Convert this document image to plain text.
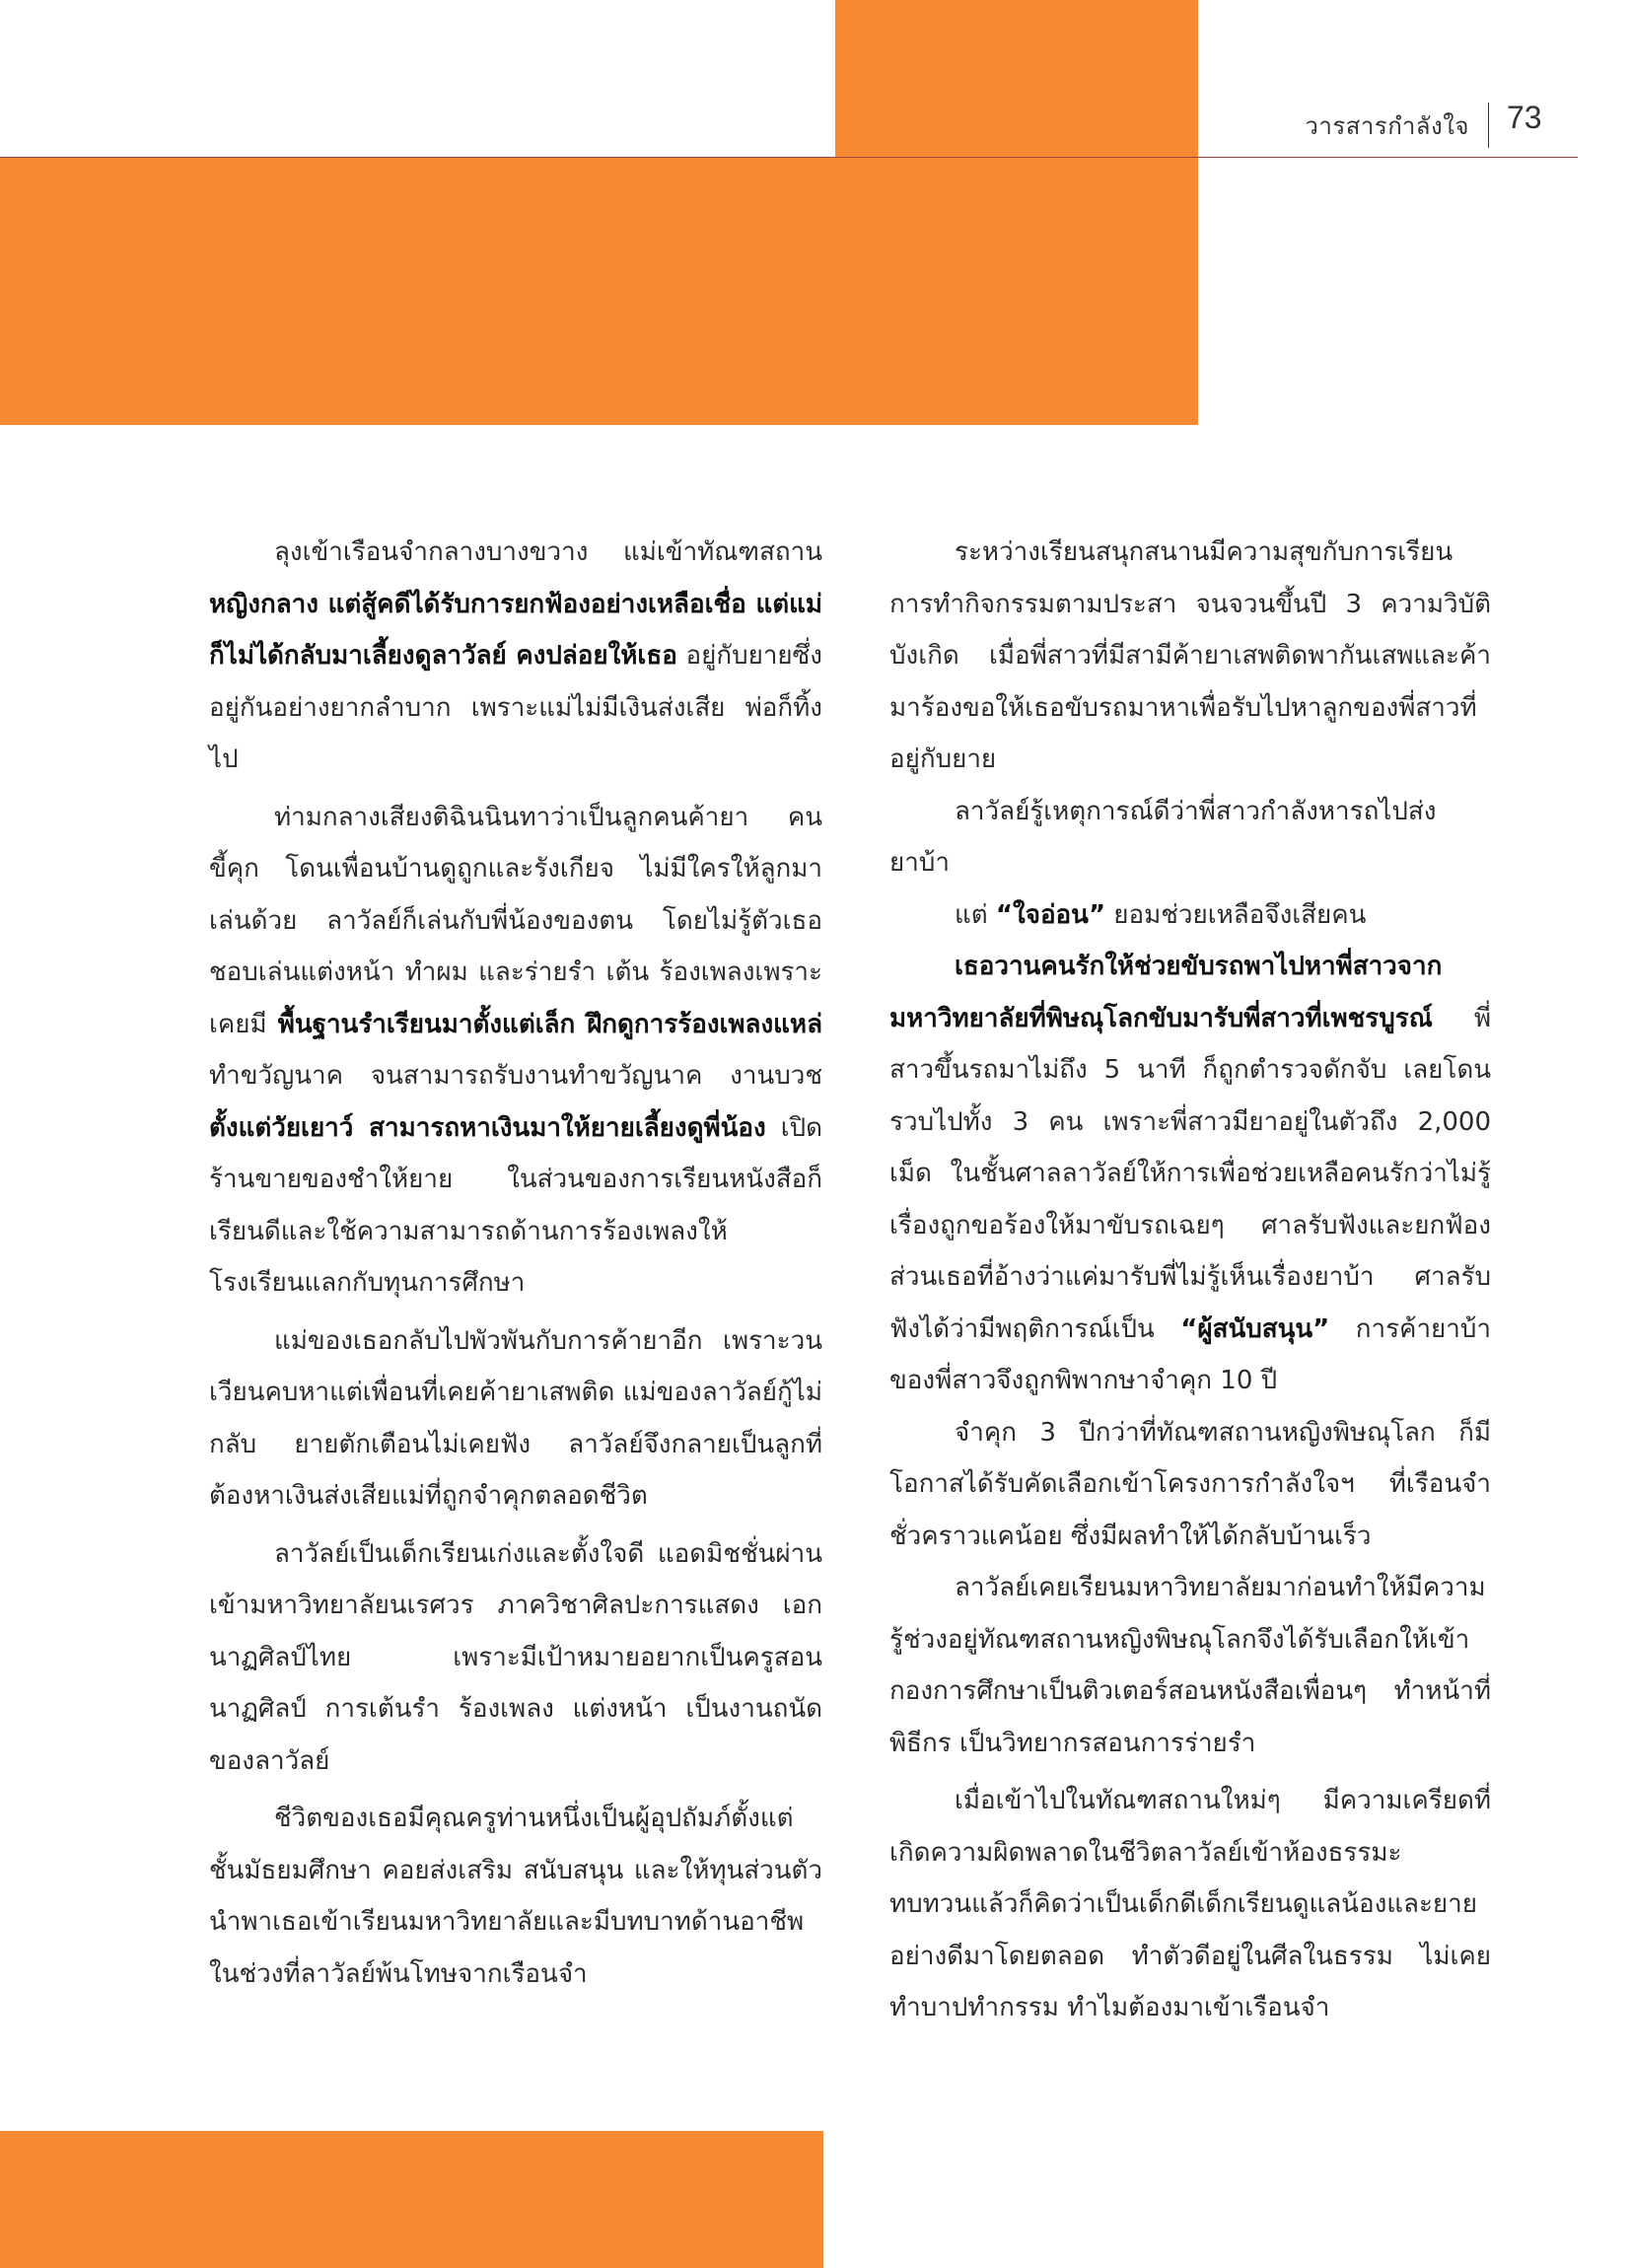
วารสารกำลังใจ 73

ลุงเข้าเรือนจำกลางบางขวาง แม่เข้าทัณฑสถาน หญิงกลาง แต่สู้คดีได้รับการยกฟ้องอย่างเหลือเชื่อ แต่แม่ก็ไม่ได้กลับมาเลี้ยงดูลาวัลย์ คงปล่อยให้เธอ อยู่กับยายซึ่งอยู่กันอย่างยากลำบาก เพราะแม่ไม่มีเงินส่งเสีย พ่อก็ทิ้งไป

ท่ามกลางเสียงติฉินนินทาว่าเป็นลูกคนค้ายา คนขี้คุก โดนเพื่อนบ้านดูถูกและรังเกียจ ไม่มีใครให้ลูกมาเล่นด้วย ลาวัลย์ก็เล่นกับพี่น้องของตน โดยไม่รู้ตัวเธอชอบเล่นแต่งหน้า ทำผม และร่ายรำ เต้น ร้องเพลงเพราะเคยมี พื้นฐานรำเรียนมาตั้งแต่เล็ก ฝึกดูการร้องเพลงแหล่ ทำขวัญนาค จนสามารถรับงานทำขวัญนาค งานบวช ตั้งแต่วัยเยาว์ สามารถหาเงินมาให้ยายเลี้ยงดูพี่น้อง เปิดร้านขายของชำให้ยาย ในส่วนของการเรียนหนังสือก็เรียนดีและใช้ความสามารถด้านการร้องเพลงให้โรงเรียนแลกกับทุนการศึกษา

แม่ของเธอกลับไปพัวพันกับการค้ายาอีก เพราะวนเวียนคบหาแต่เพื่อนที่เคยค้ายาเสพติด แม่ของลาวัลย์กู้ไม่กลับ ยายตักเตือนไม่เคยฟัง ลาวัลย์จึงกลายเป็นลูกที่ต้องหาเงินส่งเสียแม่ที่ถูกจำคุกตลอดชีวิต

ลาวัลย์เป็นเด็กเรียนเก่งและตั้งใจดี แอดมิชชั่นผ่านเข้ามหาวิทยาลัยนเรศวร ภาควิชาศิลปะการแสดง เอกนาฏศิลป์ไทย เพราะมีเป้าหมายอยากเป็นครูสอนนาฏศิลป์ การเต้นรำ ร้องเพลง แต่งหน้า เป็นงานถนัดของลาวัลย์

ชีวิตของเธอมีคุณครูท่านหนึ่งเป็นผู้อุปถัมภ์ตั้งแต่ชั้นมัธยมศึกษา คอยส่งเสริม สนับสนุน และให้ทุนส่วนตัว นำพาเธอเข้าเรียนมหาวิทยาลัยและมีบทบาทด้านอาชีพในช่วงที่ลาวัลย์พ้นโทษจากเรือนจำ

ระหว่างเรียนสนุกสนานมีความสุขกับการเรียน การทำกิจกรรมตามประสา จนจวนขึ้นปี 3 ความวิบัติบังเกิด เมื่อพี่สาวที่มีสามีค้ายาเสพติดพากันเสพและค้ามาร้องขอให้เธอขับรถมาหาเพื่อรับไปหาลูกของพี่สาวที่อยู่กับยาย

ลาวัลย์รู้เหตุการณ์ดีว่าพี่สาวกำลังหารถไปส่งยาบ้า

แต่ “ใจอ่อน” ยอมช่วยเหลือจึงเสียคน

เธอวานคนรักให้ช่วยขับรถพาไปหาพี่สาวจากมหาวิทยาลัยที่พิษณุโลกขับมารับพี่สาวที่เพชรบูรณ์ พี่สาวขึ้นรถมาไม่ถึง 5 นาที ก็ถูกตำรวจดักจับ เลยโดนรวบไปทั้ง 3 คน เพราะพี่สาวมียาอยู่ในตัวถึง 2,000 เม็ด ในชั้นศาลลาวัลย์ให้การเพื่อช่วยเหลือคนรักว่าไม่รู้เรื่องถูกขอร้องให้มาขับรถเฉยๆ ศาลรับฟังและยกฟ้อง ส่วนเธอที่อ้างว่าแค่มารับพี่ไม่รู้เห็นเรื่องยาบ้า ศาลรับฟังได้ว่ามีพฤติการณ์เป็น “ผู้สนับสนุน” การค้ายาบ้าของพี่สาวจึงถูกพิพากษาจำคุก 10 ปี

จำคุก 3 ปีกว่าที่ทัณฑสถานหญิงพิษณุโลก ก็มีโอกาสได้รับคัดเลือกเข้าโครงการกำลังใจฯ ที่เรือนจำชั่วคราวแคน้อย ซึ่งมีผลทำให้ได้กลับบ้านเร็ว

ลาวัลย์เคยเรียนมหาวิทยาลัยมาก่อนทำให้มีความรู้ช่วงอยู่ทัณฑสถานหญิงพิษณุโลกจึงได้รับเลือกให้เข้ากองการศึกษาเป็นติวเตอร์สอนหนังสือเพื่อนๆ ทำหน้าที่พิธีกร เป็นวิทยากรสอนการร่ายรำ

เมื่อเข้าไปในทัณฑสถานใหม่ๆ มีความเครียดที่เกิดความผิดพลาดในชีวิตลาวัลย์เข้าห้องธรรมะ ทบทวนแล้วก็คิดว่าเป็นเด็กดีเด็กเรียนดูแลน้องและยายอย่างดีมาโดยตลอด ทำตัวดีอยู่ในศีลในธรรม ไม่เคยทำบาปทำกรรม ทำไมต้องมาเข้าเรือนจำ
